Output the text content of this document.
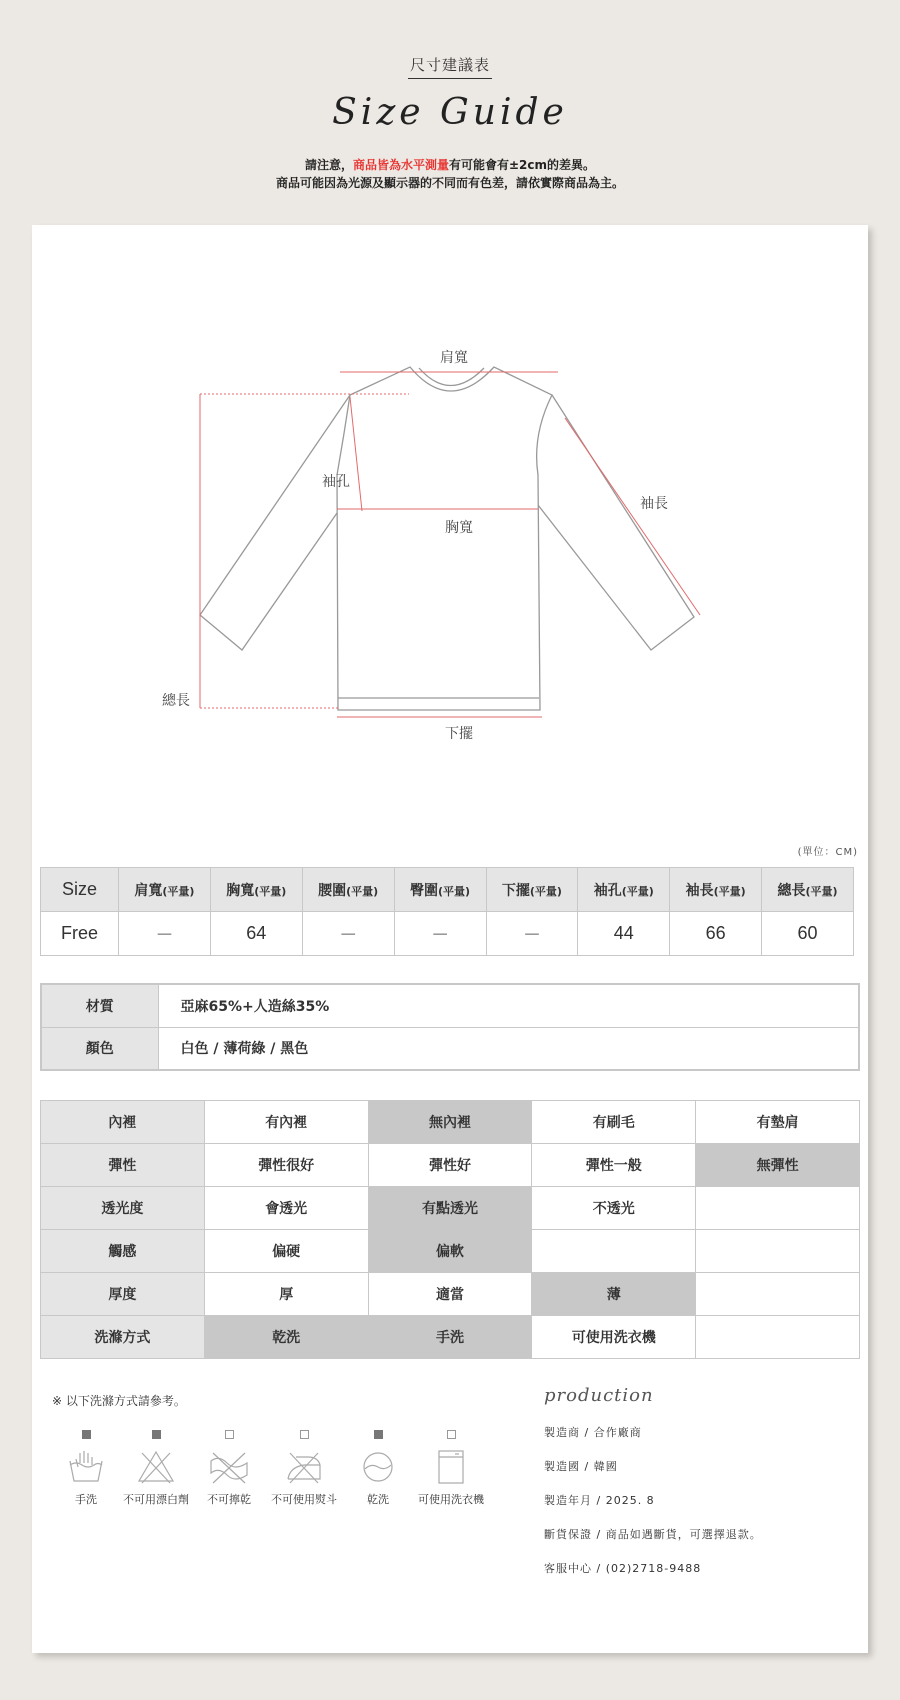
尺寸建議表
Size Guide
請注意，商品皆為水平測量有可能會有±2cm的差異。
商品可能因為光源及顯示器的不同而有色差，請依實際商品為主。
肩寬
袖孔
袖長
胸寬
總長
下擺
(單位：CM)
Size	肩寬(平量)	胸寬(平量)	腰圍(平量)	臀圍(平量)	下擺(平量)	袖孔(平量)	袖長(平量)	總長(平量)
Free	－	64	－	－	－	44	66	60
材質	亞麻65%+人造絲35%
顏色	白色 / 薄荷綠 / 黑色
內裡	有內裡	無內裡	有刷毛	有墊肩
彈性	彈性很好	彈性好	彈性一般	無彈性
透光度	會透光	有點透光	不透光	
觸感	偏硬	偏軟		
厚度	厚	適當	薄	
洗滌方式	乾洗	手洗	可使用洗衣機	
※ 以下洗滌方式請參考。
手洗	不可用漂白劑	不可擰乾	不可使用熨斗	乾洗	可使用洗衣機
production
製造商 / 合作廠商
製造國 / 韓國
製造年月 / 2025. 8
斷貨保證 / 商品如遇斷貨，可選擇退款。
客服中心 / (02)2718-9488
